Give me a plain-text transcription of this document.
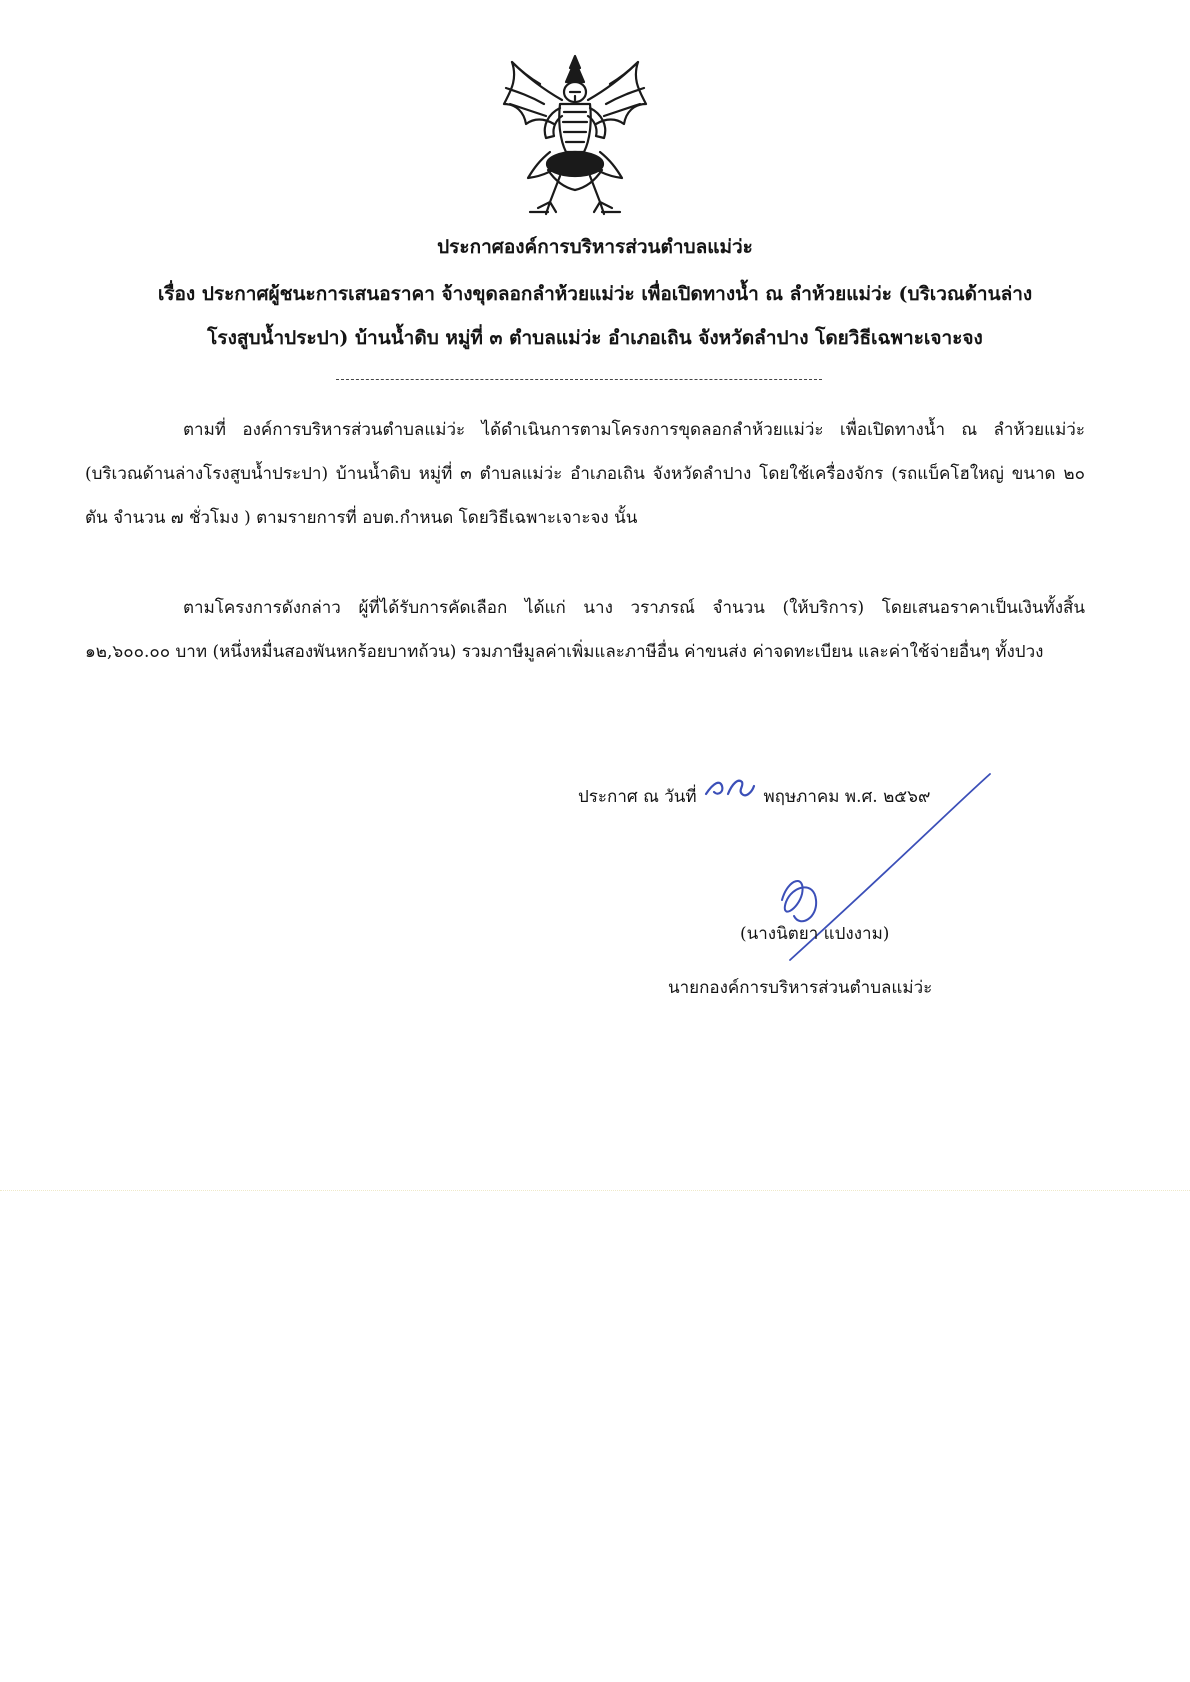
ประกาศองค์การบริหารส่วนตำบลแม่ว่ะ
เรื่อง ประกาศผู้ชนะการเสนอราคา จ้างขุดลอกลำห้วยแม่ว่ะ เพื่อเปิดทางน้ำ ณ ลำห้วยแม่ว่ะ (บริเวณด้านล่าง
โรงสูบน้ำประปา) บ้านน้ำดิบ หมู่ที่ ๓ ตำบลแม่ว่ะ อำเภอเถิน จังหวัดลำปาง โดยวิธีเฉพาะเจาะจง
ตามที่ องค์การบริหารส่วนตำบลแม่ว่ะ ได้ดำเนินการตามโครงการขุดลอกลำห้วยแม่ว่ะ เพื่อเปิดทางน้ำ ณ ลำห้วยแม่ว่ะ (บริเวณด้านล่างโรงสูบน้ำประปา) บ้านน้ำดิบ หมู่ที่ ๓ ตำบลแม่ว่ะ อำเภอเถิน จังหวัดลำปาง โดยใช้เครื่องจักร (รถแบ็คโฮใหญ่ ขนาด ๒๐ ตัน จำนวน ๗ ชั่วโมง ) ตามรายการที่ อบต.กำหนด โดยวิธีเฉพาะเจาะจง นั้น
ตามโครงการดังกล่าว ผู้ที่ได้รับการคัดเลือก ได้แก่ นาง วราภรณ์ จำนวน (ให้บริการ) โดยเสนอราคาเป็นเงินทั้งสิ้น ๑๒,๖๐๐.๐๐ บาท (หนึ่งหมื่นสองพันหกร้อยบาทถ้วน) รวมภาษีมูลค่าเพิ่มและภาษีอื่น ค่าขนส่ง ค่าจดทะเบียน และค่าใช้จ่ายอื่นๆ ทั้งปวง
ประกาศ ณ วันที่	พฤษภาคม พ.ศ. ๒๕๖๙
(นางนิตยา แปงงาม)
นายกองค์การบริหารส่วนตำบลแม่ว่ะ
